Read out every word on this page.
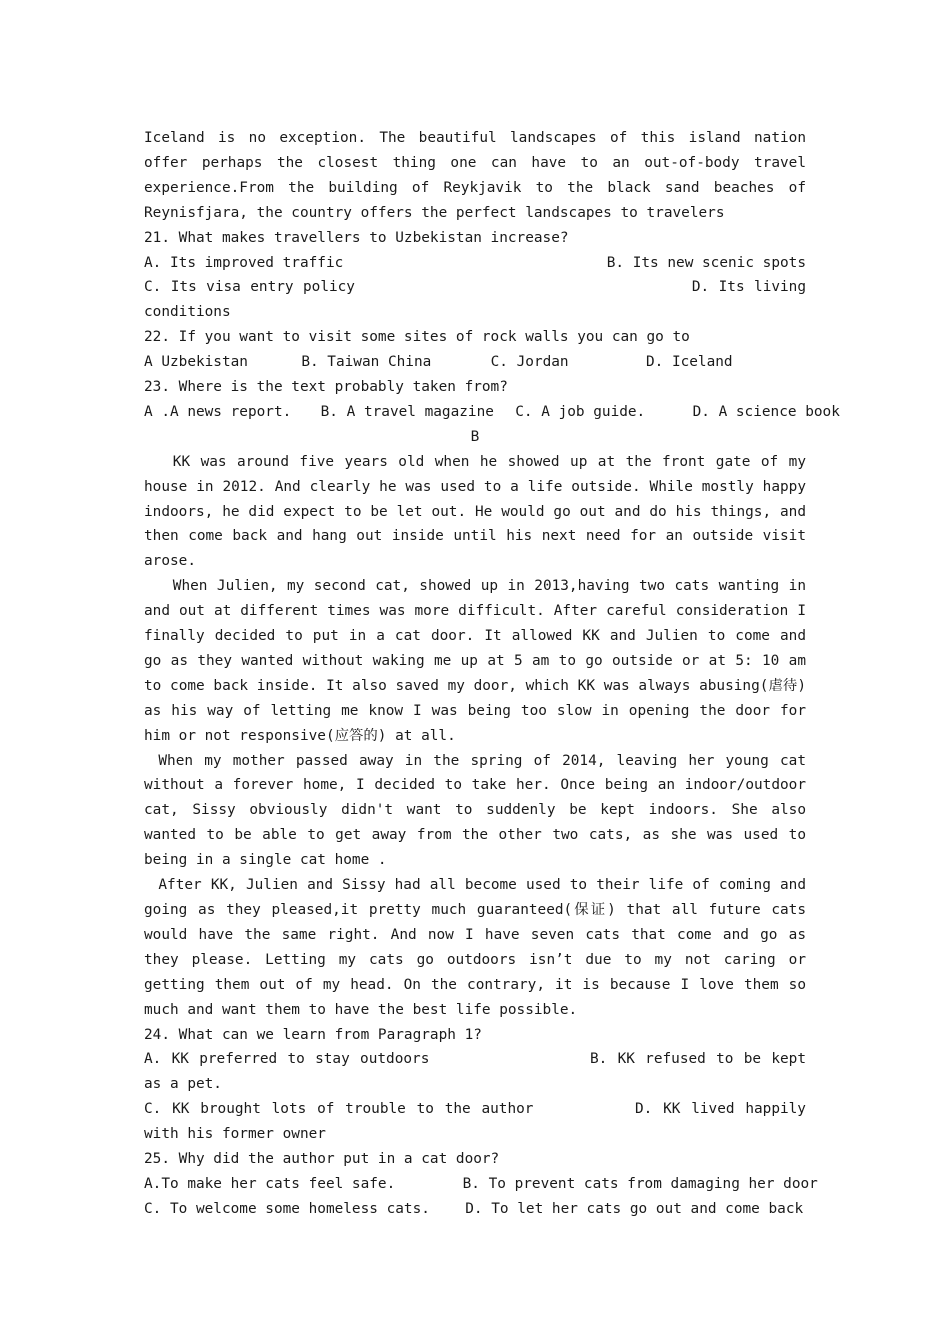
Iceland is no exception. The beautiful landscapes of this island nation offer perhaps the closest thing one can have to an out-of-body travel experience.From the building of Reykjavik to the black sand beaches of Reynisfjara, the country offers the perfect landscapes to travelers
21. What makes travellers to Uzbekistan increase?
A. Its improved traffic	B. Its new scenic spots
C. Its visa entry policy	D. Its living conditions
22. If you want to visit some sites of rock walls you can go to
A Uzbekistan	B. Taiwan China	C. Jordan	D. Iceland
23. Where is the text probably taken from?
A .A news report. B. A travel magazine C. A job guide.	D. A science book
B
KK was around five years old when he showed up at the front gate of my house in 2012. And clearly he was used to a life outside. While mostly happy indoors, he did expect to be let out. He would go out and do his things, and then come back and hang out inside until his next need for an outside visit arose.
When Julien, my second cat, showed up in 2013,having two cats wanting in and out at different times was more difficult. After careful consideration I finally decided to put in a cat door. It allowed KK and Julien to come and go as they wanted without waking me up at 5 am to go outside or at 5: 10 am to come back inside. It also saved my door, which KK was always abusing(虐待) as his way of letting me know I was being too slow in opening the door for him or not responsive(应答的) at all.
When my mother passed away in the spring of 2014, leaving her young cat without a forever home, I decided to take her. Once being an indoor/outdoor cat, Sissy obviously didn't want to suddenly be kept indoors. She also wanted to be able to get away from the other two cats, as she was used to being in a single cat home .
After KK, Julien and Sissy had all become used to their life of coming and going as they pleased,it pretty much guaranteed(保证) that all future cats would have the same right. And now I have seven cats that come and go as they please. Letting my cats go outdoors isn’t due to my not caring or getting them out of my head. On the contrary, it is because I love them so much and want them to have the best life possible.
24. What can we learn from Paragraph 1?
A. KK preferred to stay outdoors	B. KK refused to be kept as a pet.
C. KK brought lots of trouble to the author	D. KK lived happily with his former owner
25. Why did the author put in a cat door?
A.To make her cats feel safe.	B. To prevent cats from damaging her door
C. To welcome some homeless cats. D. To let her cats go out and come back
